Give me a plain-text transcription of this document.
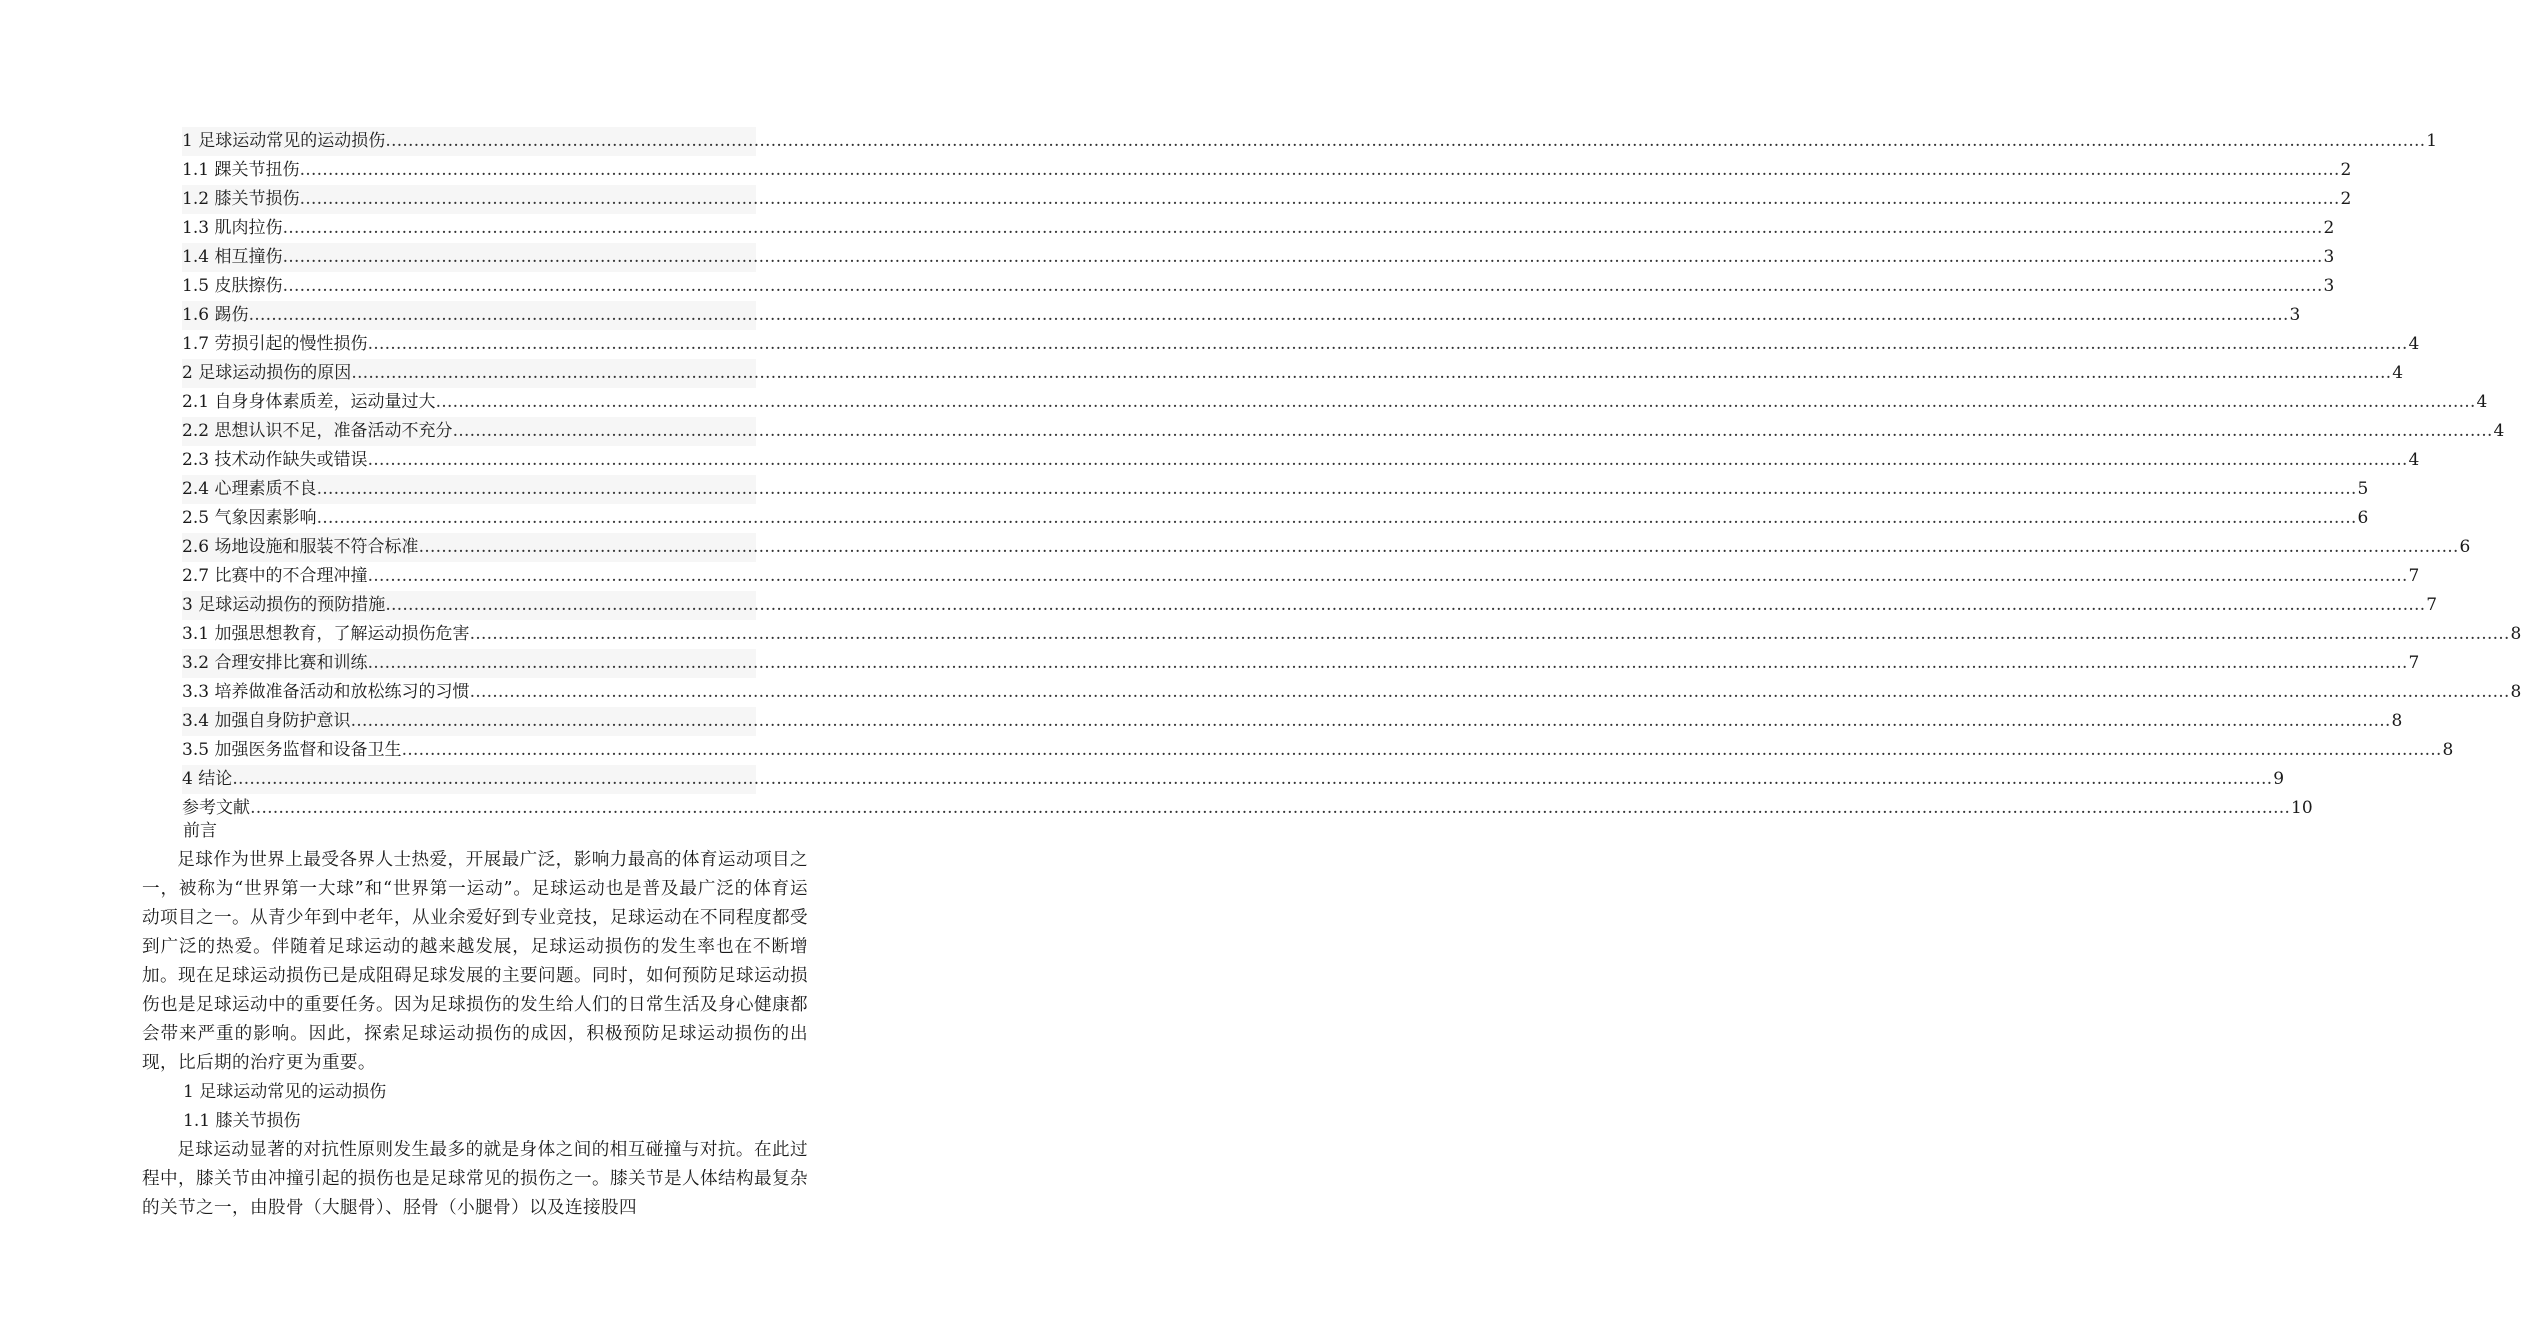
1 足球运动常见的运动损伤 ……………………………………………………………………………………………………………………………………………………………………………………………………………………………………………………………………………………………………………………………… 1
1.1 踝关节扭伤 ……………………………………………………………………………………………………………………………………………………………………………………………………………………………………………………………………………………………………………………………… 2
1.2 膝关节损伤 ……………………………………………………………………………………………………………………………………………………………………………………………………………………………………………………………………………………………………………………………… 2
1.3 肌肉拉伤 ……………………………………………………………………………………………………………………………………………………………………………………………………………………………………………………………………………………………………………………………… 2
1.4 相互撞伤 ……………………………………………………………………………………………………………………………………………………………………………………………………………………………………………………………………………………………………………………………… 3
1.5 皮肤擦伤 ……………………………………………………………………………………………………………………………………………………………………………………………………………………………………………………………………………………………………………………………… 3
1.6 踢伤 ……………………………………………………………………………………………………………………………………………………………………………………………………………………………………………………………………………………………………………………………… 3
1.7 劳损引起的慢性损伤 ……………………………………………………………………………………………………………………………………………………………………………………………………………………………………………………………………………………………………………………………… 4
2 足球运动损伤的原因 ……………………………………………………………………………………………………………………………………………………………………………………………………………………………………………………………………………………………………………………………… 4
2.1 自身身体素质差，运动量过大 ……………………………………………………………………………………………………………………………………………………………………………………………………………………………………………………………………………………………………………………………… 4
2.2 思想认识不足，准备活动不充分 ……………………………………………………………………………………………………………………………………………………………………………………………………………………………………………………………………………………………………………………………… 4
2.3 技术动作缺失或错误 ……………………………………………………………………………………………………………………………………………………………………………………………………………………………………………………………………………………………………………………………… 4
2.4 心理素质不良 ……………………………………………………………………………………………………………………………………………………………………………………………………………………………………………………………………………………………………………………………… 5
2.5 气象因素影响 ……………………………………………………………………………………………………………………………………………………………………………………………………………………………………………………………………………………………………………………………… 6
2.6 场地设施和服装不符合标准 ……………………………………………………………………………………………………………………………………………………………………………………………………………………………………………………………………………………………………………………………… 6
2.7 比赛中的不合理冲撞 ……………………………………………………………………………………………………………………………………………………………………………………………………………………………………………………………………………………………………………………………… 7
3 足球运动损伤的预防措施 ……………………………………………………………………………………………………………………………………………………………………………………………………………………………………………………………………………………………………………………………… 7
3.1 加强思想教育，了解运动损伤危害 ……………………………………………………………………………………………………………………………………………………………………………………………………………………………………………………………………………………………………………………………… 8
3.2 合理安排比赛和训练 ……………………………………………………………………………………………………………………………………………………………………………………………………………………………………………………………………………………………………………………………… 7
3.3 培养做准备活动和放松练习的习惯 ……………………………………………………………………………………………………………………………………………………………………………………………………………………………………………………………………………………………………………………………… 8
3.4 加强自身防护意识 ……………………………………………………………………………………………………………………………………………………………………………………………………………………………………………………………………………………………………………………………… 8
3.5 加强医务监督和设备卫生 ……………………………………………………………………………………………………………………………………………………………………………………………………………………………………………………………………………………………………………………………… 8
4 结论 ……………………………………………………………………………………………………………………………………………………………………………………………………………………………………………………………………………………………………………………………… 9
参考文献 ……………………………………………………………………………………………………………………………………………………………………………………………………………………………………………………………………………………………………………………………… 10
前言

足球作为世界上最受各界人士热爱，开展最广泛，影响力最高的体育运动项目之一，被称为“世界第一大球”和“世界第一运动”。足球运动也是普及最广泛的体育运动项目之一。从青少年到中老年，从业余爱好到专业竞技，足球运动在不同程度都受到广泛的热爱。伴随着足球运动的越来越发展，足球运动损伤的发生率也在不断增加。现在足球运动损伤已是成阻碍足球发展的主要问题。同时，如何预防足球运动损伤也是足球运动中的重要任务。因为足球损伤的发生给人们的日常生活及身心健康都会带来严重的影响。因此，探索足球运动损伤的成因，积极预防足球运动损伤的出现，比后期的治疗更为重要。

1 足球运动常见的运动损伤
1.1 膝关节损伤

足球运动显著的对抗性原则发生最多的就是身体之间的相互碰撞与对抗。在此过程中，膝关节由冲撞引起的损伤也是足球常见的损伤之一。膝关节是人体结构最复杂的关节之一，由股骨（大腿骨）、胫骨（小腿骨）以及连接股四
